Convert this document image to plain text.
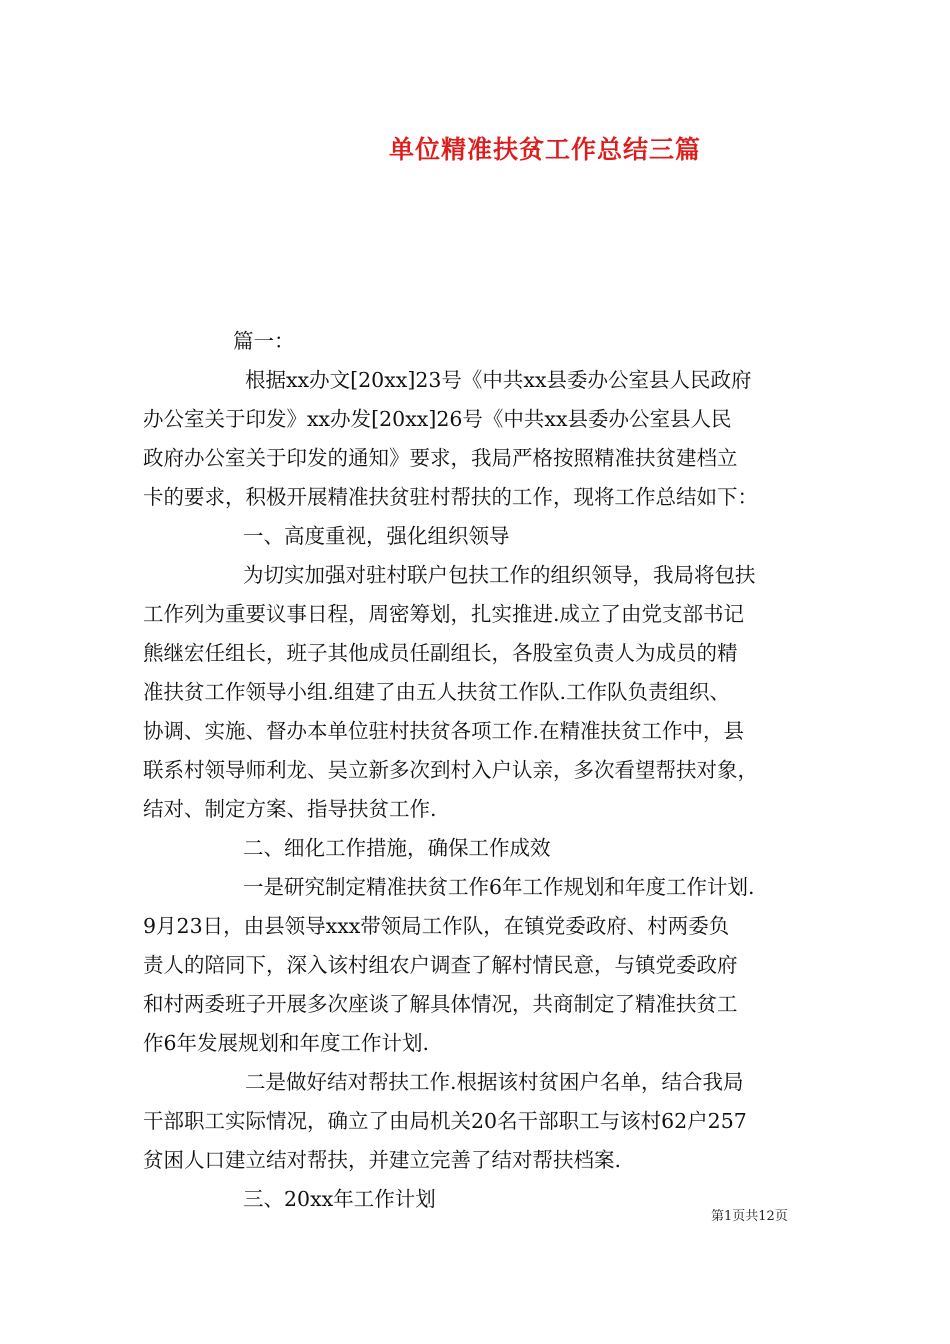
单位精准扶贫工作总结三篇
篇一：
根据xx办文[20xx]23号《中共xx县委办公室县人民政府
办公室关于印发》xx办发[20xx]26号《中共xx县委办公室县人民
政府办公室关于印发的通知》要求，我局严格按照精准扶贫建档立
卡的要求，积极开展精准扶贫驻村帮扶的工作，现将工作总结如下：
一、高度重视，强化组织领导
为切实加强对驻村联户包扶工作的组织领导，我局将包扶
工作列为重要议事日程，周密筹划，扎实推进.成立了由党支部书记
熊继宏任组长，班子其他成员任副组长，各股室负责人为成员的精
准扶贫工作领导小组.组建了由五人扶贫工作队.工作队负责组织、
协调、实施、督办本单位驻村扶贫各项工作.在精准扶贫工作中，县
联系村领导师利龙、吴立新多次到村入户认亲，多次看望帮扶对象，
结对、制定方案、指导扶贫工作.
二、细化工作措施，确保工作成效
一是研究制定精准扶贫工作6年工作规划和年度工作计划.
9月23日，由县领导xxx带领局工作队，在镇党委政府、村两委负
责人的陪同下，深入该村组农户调查了解村情民意，与镇党委政府
和村两委班子开展多次座谈了解具体情况，共商制定了精准扶贫工
作6年发展规划和年度工作计划.
二是做好结对帮扶工作.根据该村贫困户名单，结合我局
干部职工实际情况，确立了由局机关20名干部职工与该村62户257
贫困人口建立结对帮扶，并建立完善了结对帮扶档案.
三、20xx年工作计划
第1页共12页
